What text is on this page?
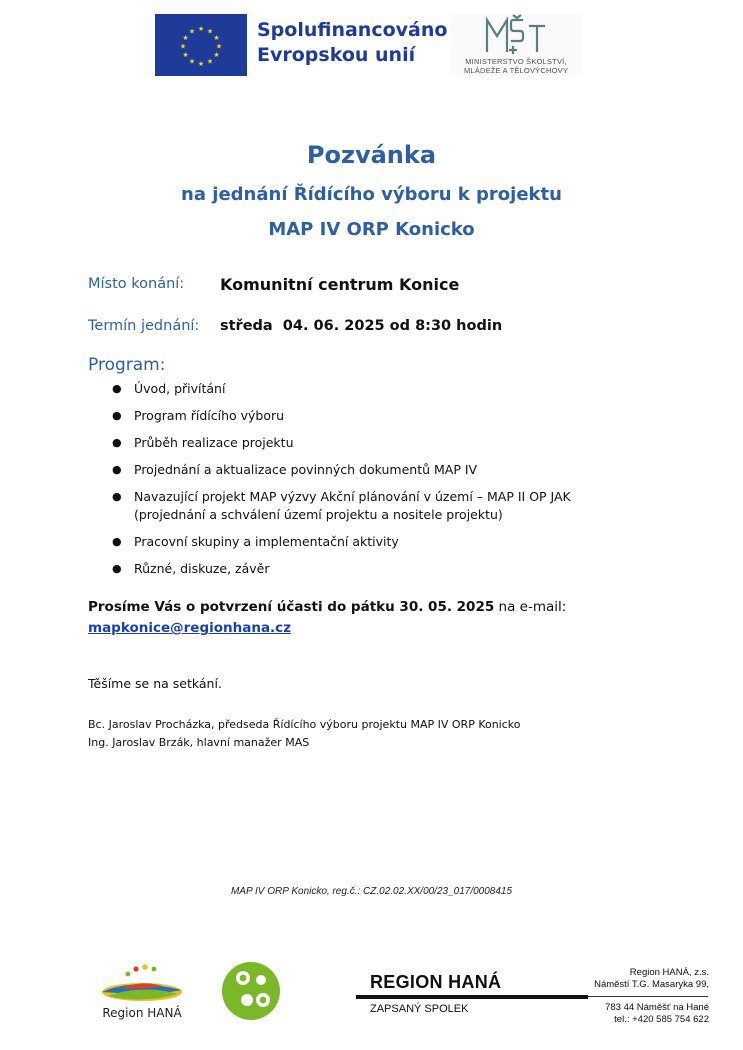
★ ★
★
★
★
★
★
★
★
★
★
★	Spolufinancováno
Evropskou unií	MINISTERSTVO ŠKOLSTVÍ,
MLÁDEŽE A TĚLOVÝCHOVY
Pozvánka
na jednání Řídícího výboru k projektu
MAP IV ORP Konicko
Místo konání: Komunitní centrum Konice
Termín jednání: středa  04. 06. 2025 od 8:30 hodin
Program:
● Úvod, přivítání
● Program řídícího výboru
● Průběh realizace projektu
● Projednání a aktualizace povinných dokumentů MAP IV
● Navazující projekt MAP výzvy Akční plánování v území – MAP II OP JAK
(projednání a schválení území projektu a nositele projektu)
● Pracovní skupiny a implementační aktivity
● Různé, diskuze, závěr
Prosíme Vás o potvrzení účasti do pátku 30. 05. 2025 na e-mail:
mapkonice@regionhana.cz
Těšíme se na setkání.
Bc. Jaroslav Procházka, předseda Řídícího výboru projektu MAP IV ORP Konicko
Ing. Jaroslav Brzák, hlavní manažer MAS
MAP IV ORP Konicko, reg.č.: CZ.02.02.XX/00/23_017/0008415
Region HANÁ
REGION HANÁ
ZAPSANÝ SPOLEK
Region HANÁ, z.s.
Náměstí T.G. Masaryka 99,
783 44 Náměšť na Hané
tel.: +420 585 754 622
